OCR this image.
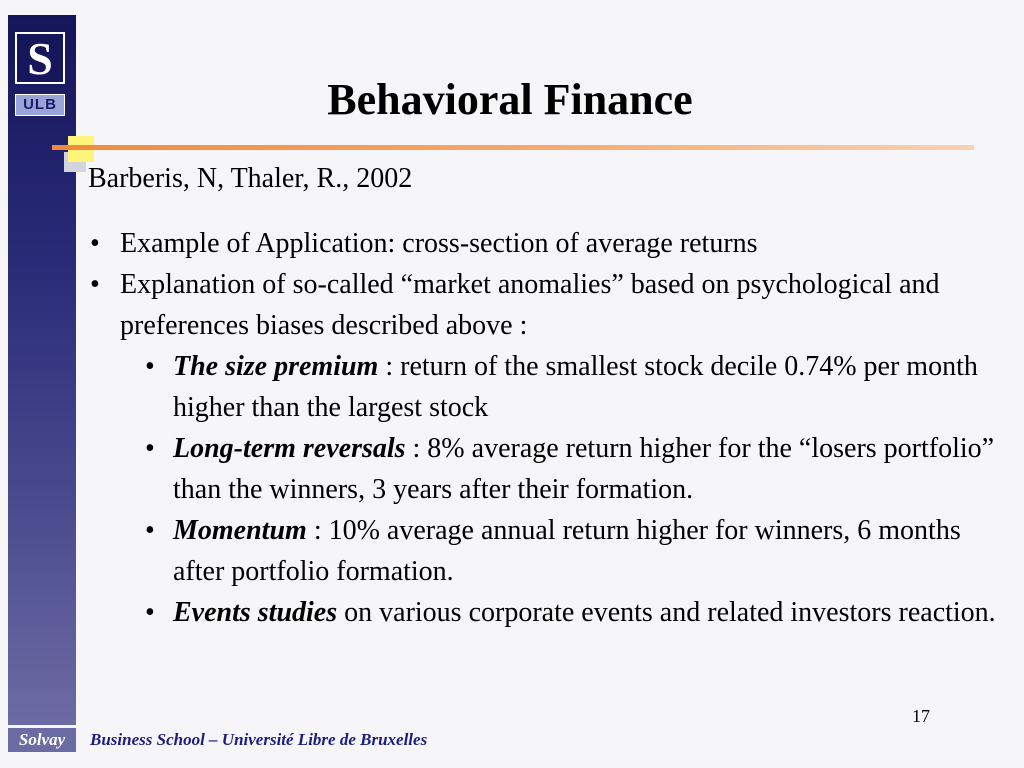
S
ULB	Behavioral Finance

Barberis, N, Thaler, R., 2002

• Example of Application: cross-section of average returns
• Explanation of so-called “market anomalies” based on psychological and preferences biases described above :
• The size premium : return of the smallest stock decile 0.74% per month higher than the largest stock
• Long-term reversals : 8% average return higher for the “losers portfolio” than the winners, 3 years after their formation.
• Momentum : 10% average annual return higher for winners, 6 months after portfolio formation.
• Events studies on various corporate events and related investors reaction.
17
Solvay	Business School – Université Libre de Bruxelles
